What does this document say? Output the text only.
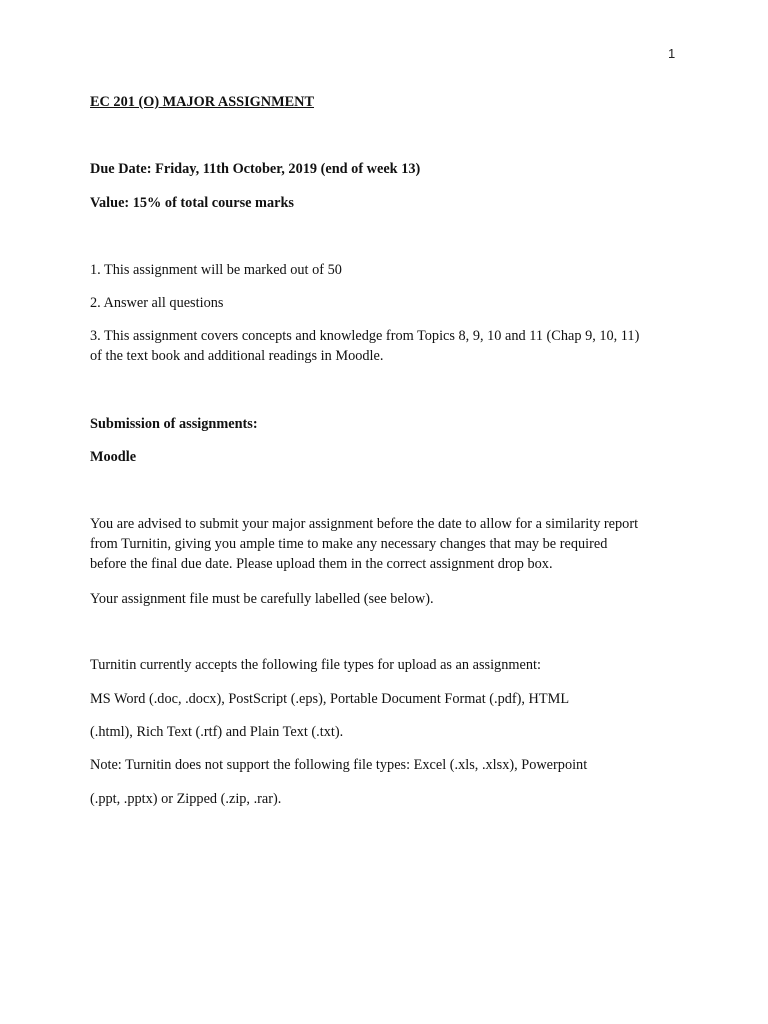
1
EC 201 (O) MAJOR ASSIGNMENT
Due Date: Friday, 11th October, 2019 (end of week 13)
Value: 15% of total course marks
1. This assignment will be marked out of 50
2. Answer all questions
3. This assignment covers concepts and knowledge from Topics 8, 9, 10 and 11 (Chap 9, 10, 11)
of the text book and additional readings in Moodle.
Submission of assignments:
Moodle
You are advised to submit your major assignment before the date to allow for a similarity report
from Turnitin, giving you ample time to make any necessary changes that may be required
before the final due date. Please upload them in the correct assignment drop box.
Your assignment file must be carefully labelled (see below).
Turnitin currently accepts the following file types for upload as an assignment:
MS Word (.doc, .docx), PostScript (.eps), Portable Document Format (.pdf), HTML
(.html), Rich Text (.rtf) and Plain Text (.txt).
Note: Turnitin does not support the following file types: Excel (.xls, .xlsx), Powerpoint
(.ppt, .pptx) or Zipped (.zip, .rar).
